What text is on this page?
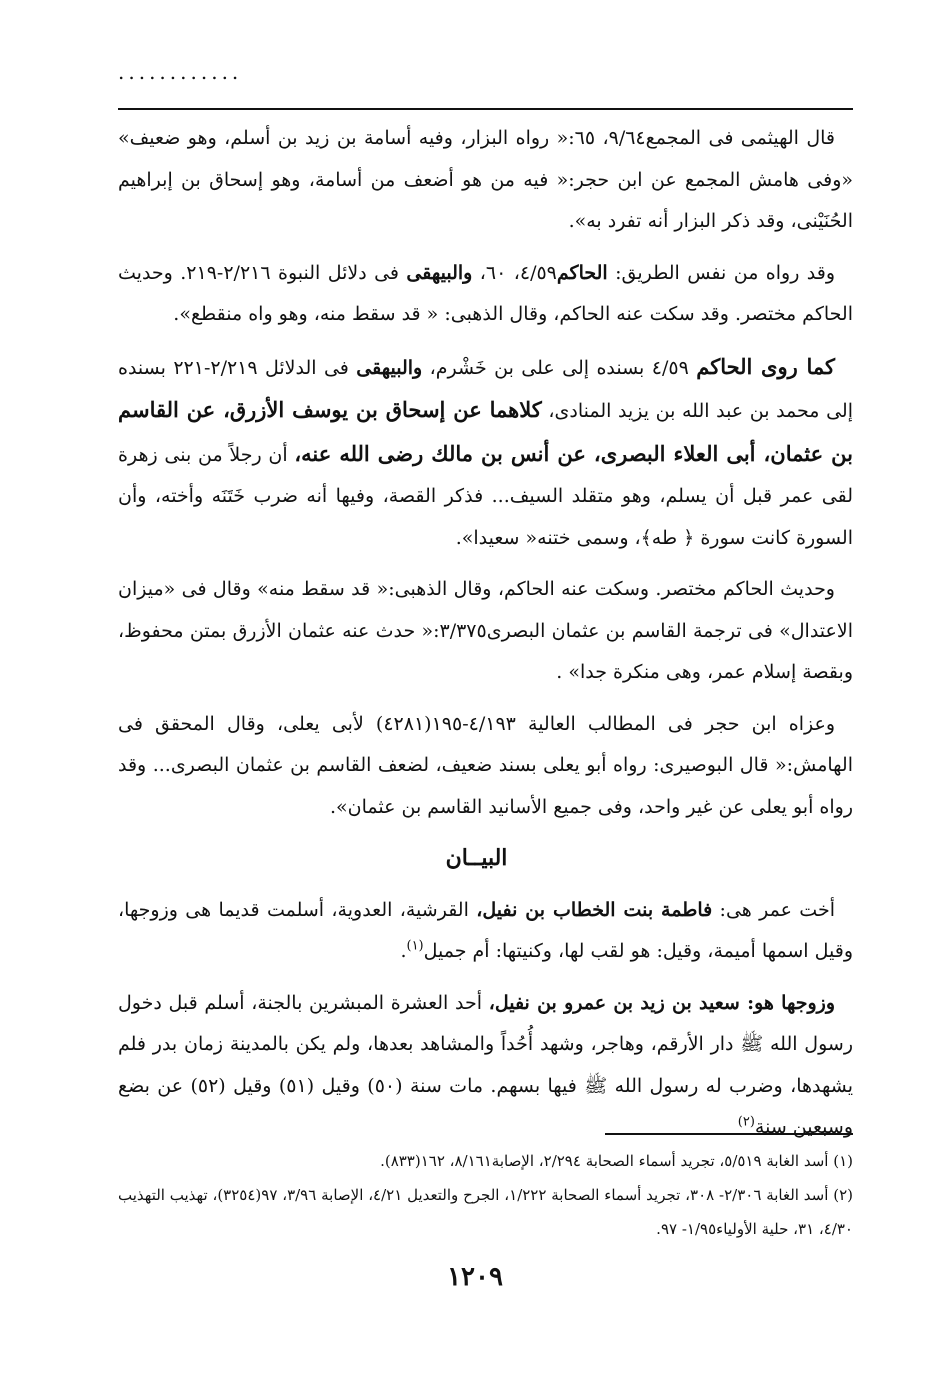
............

قال الهيثمى فى المجمع٩/٦٤، ٦٥:« رواه البزار، وفيه أسامة بن زيد بن أسلم، وهو ضعيف» «وفى هامش المجمع عن ابن حجر:« فيه من هو أضعف من أسامة، وهو إسحاق بن إبراهيم الحُنَيْنى، وقد ذكر البزار أنه تفرد به».

وقد رواه من نفس الطريق: الحاكم٤/٥٩، ٦٠، والبيهقى فى دلائل النبوة ٢/٢١٦-٢١٩. وحديث الحاكم مختصر. وقد سكت عنه الحاكم، وقال الذهبى: « قد سقط منه، وهو واه منقطع».

كما روى الحاكم ٤/٥٩ بسنده إلى على بن خَشْرم، والبيهقى فى الدلائل ٢/٢١٩-٢٢١ بسنده إلى محمد بن عبد الله بن يزيد المنادى، كلاهما عن إسحاق بن يوسف الأزرق، عن القاسم بن عثمان، أبى العلاء البصرى، عن أنس بن مالك رضى الله عنه، أن رجلاً من بنى زهرة لقى عمر قبل أن يسلم، وهو متقلد السيف... فذكر القصة، وفيها أنه ضرب خَتَنَه وأخته، وأن السورة كانت سورة ﴿ طه﴾، وسمى ختنه« سعيدا».

وحديث الحاكم مختصر. وسكت عنه الحاكم، وقال الذهبى:« قد سقط منه» وقال فى «ميزان الاعتدال» فى ترجمة القاسم بن عثمان البصرى٣/٣٧٥:« حدث عنه عثمان الأزرق بمتن محفوظ، وبقصة إسلام عمر، وهى منكرة جدا» .

وعزاه ابن حجر فى المطالب العالية ٤/١٩٣-١٩٥(٤٢٨١) لأبى يعلى، وقال المحقق فى الهامش:« قال البوصيرى: رواه أبو يعلى بسند ضعيف، لضعف القاسم بن عثمان البصرى... وقد رواه أبو يعلى عن غير واحد، وفى جميع الأسانيد القاسم بن عثمان».

البيــان

أخت عمر هى: فاطمة بنت الخطاب بن نفيل، القرشية، العدوية، أسلمت قديما هى وزوجها، وقيل اسمها أميمة، وقيل: هو لقب لها، وكنيتها: أم جميل$^{(١)}$.

وزوجها هو: سعيد بن زيد بن عمرو بن نفيل، أحد العشرة المبشرين بالجنة، أسلم قبل دخول رسول الله ﷺ دار الأرقم، وهاجر، وشهد أُحُداً والمشاهد بعدها، ولم يكن بالمدينة زمان بدر فلم يشهدها، وضرب له رسول الله ﷺ فيها بسهم. مات سنة (٥٠) وقيل (٥١) وقيل (٥٢) عن بضع وسبعين سنة$^{(٢)}$

(١) أسد الغابة ٥/٥١٩، تجريد أسماء الصحابة ٢/٢٩٤، الإصابة٨/١٦١، ١٦٢(٨٣٣).

(٢) أسد الغابة ٢/٣٠٦- ٣٠٨، تجريد أسماء الصحابة ١/٢٢٢، الجرح والتعديل ٤/٢١، الإصابة ٣/٩٦، ٩٧(٣٢٥٤)، تهذيب التهذيب ٤/٣٠، ٣١، حلية الأولياء١/٩٥- ٩٧.

١٢٠٩
